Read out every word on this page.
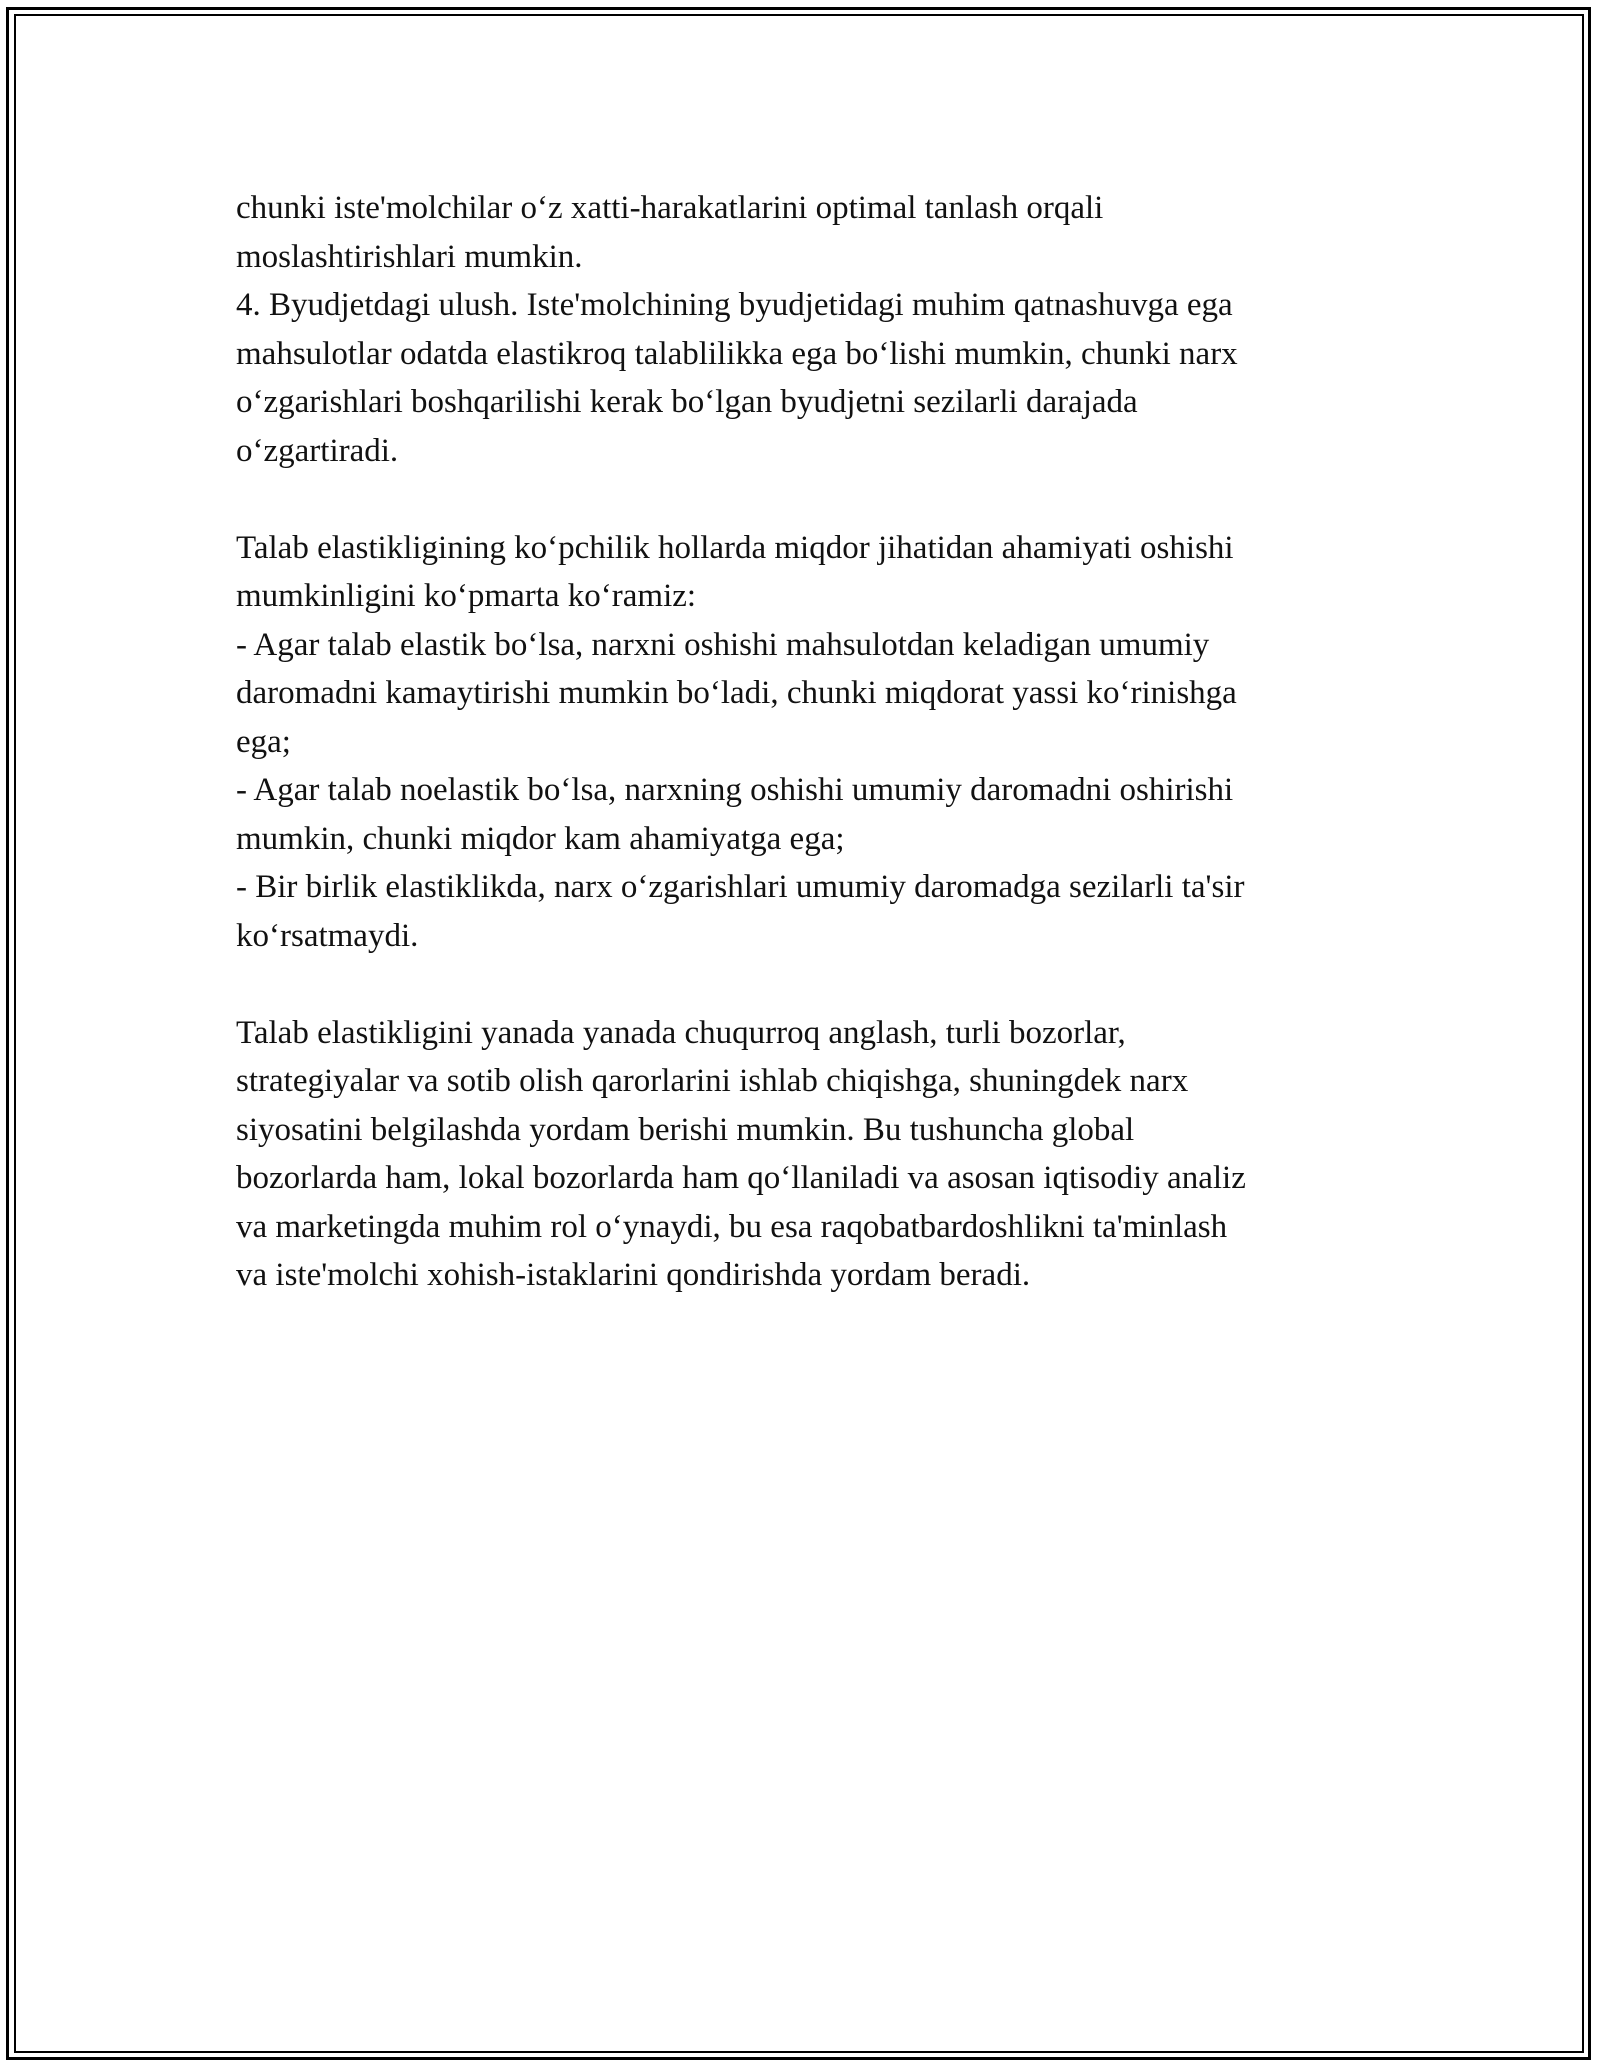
chunki iste'molchilar o‘z xatti-harakatlarini optimal tanlash orqali

moslashtirishlari mumkin.

4. Byudjetdagi ulush. Iste'molchining byudjetidagi muhim qatnashuvga ega

mahsulotlar odatda elastikroq talablilikka ega bo‘lishi mumkin, chunki narx

o‘zgarishlari boshqarilishi kerak bo‘lgan byudjetni sezilarli darajada

o‘zgartiradi.

Talab elastikligining ko‘pchilik hollarda miqdor jihatidan ahamiyati oshishi

mumkinligini ko‘pmarta ko‘ramiz:

- Agar talab elastik bo‘lsa, narxni oshishi mahsulotdan keladigan umumiy

daromadni kamaytirishi mumkin bo‘ladi, chunki miqdorat yassi ko‘rinishga

ega;

- Agar talab noelastik bo‘lsa, narxning oshishi umumiy daromadni oshirishi

mumkin, chunki miqdor kam ahamiyatga ega;

- Bir birlik elastiklikda, narx o‘zgarishlari umumiy daromadga sezilarli ta'sir

ko‘rsatmaydi.

Talab elastikligini yanada yanada chuqurroq anglash, turli bozorlar,

strategiyalar va sotib olish qarorlarini ishlab chiqishga, shuningdek narx

siyosatini belgilashda yordam berishi mumkin. Bu tushuncha global

bozorlarda ham, lokal bozorlarda ham qo‘llaniladi va asosan iqtisodiy analiz

va marketingda muhim rol o‘ynaydi, bu esa raqobatbardoshlikni ta'minlash

va iste'molchi xohish-istaklarini qondirishda yordam beradi.
